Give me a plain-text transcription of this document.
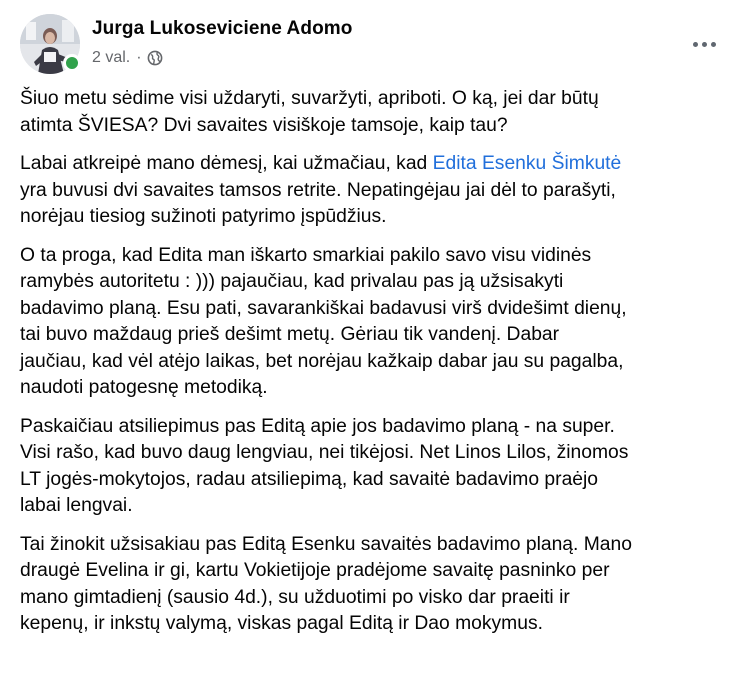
Jurga Lukoseviciene Adomo
2 val. ·

Šiuo metu sėdime visi uždaryti, suvaržyti, apriboti. O ką, jei dar būtų
atimta ŠVIESA? Dvi savaites visiškoje tamsoje, kaip tau?

Labai atkreipė mano dėmesį, kai užmačiau, kad Edita Esenku Šimkutė
yra buvusi dvi savaites tamsos retrite. Nepatingėjau jai dėl to parašyti,
norėjau tiesiog sužinoti patyrimo įspūdžius.

O ta proga, kad Edita man iškarto smarkiai pakilo savo visu vidinės
ramybės autoritetu : ))) pajaučiau, kad privalau pas ją užsisakyti
badavimo planą. Esu pati, savarankiškai badavusi virš dvidešimt dienų,
tai buvo maždaug prieš dešimt metų. Gėriau tik vandenį. Dabar
jaučiau, kad vėl atėjo laikas, bet norėjau kažkaip dabar jau su pagalba,
naudoti patogesnę metodiką.

Paskaičiau atsiliepimus pas Editą apie jos badavimo planą - na super.
Visi rašo, kad buvo daug lengviau, nei tikėjosi. Net Linos Lilos, žinomos
LT jogės-mokytojos, radau atsiliepimą, kad savaitė badavimo praėjo
labai lengvai.

Tai žinokit užsisakiau pas Editą Esenku savaitės badavimo planą. Mano
draugė Evelina ir gi, kartu Vokietijoje pradėjome savaitę pasninko per
mano gimtadienį (sausio 4d.), su užduotimi po visko dar praeiti ir
kepenų, ir inkstų valymą, viskas pagal Editą ir Dao mokymus.
